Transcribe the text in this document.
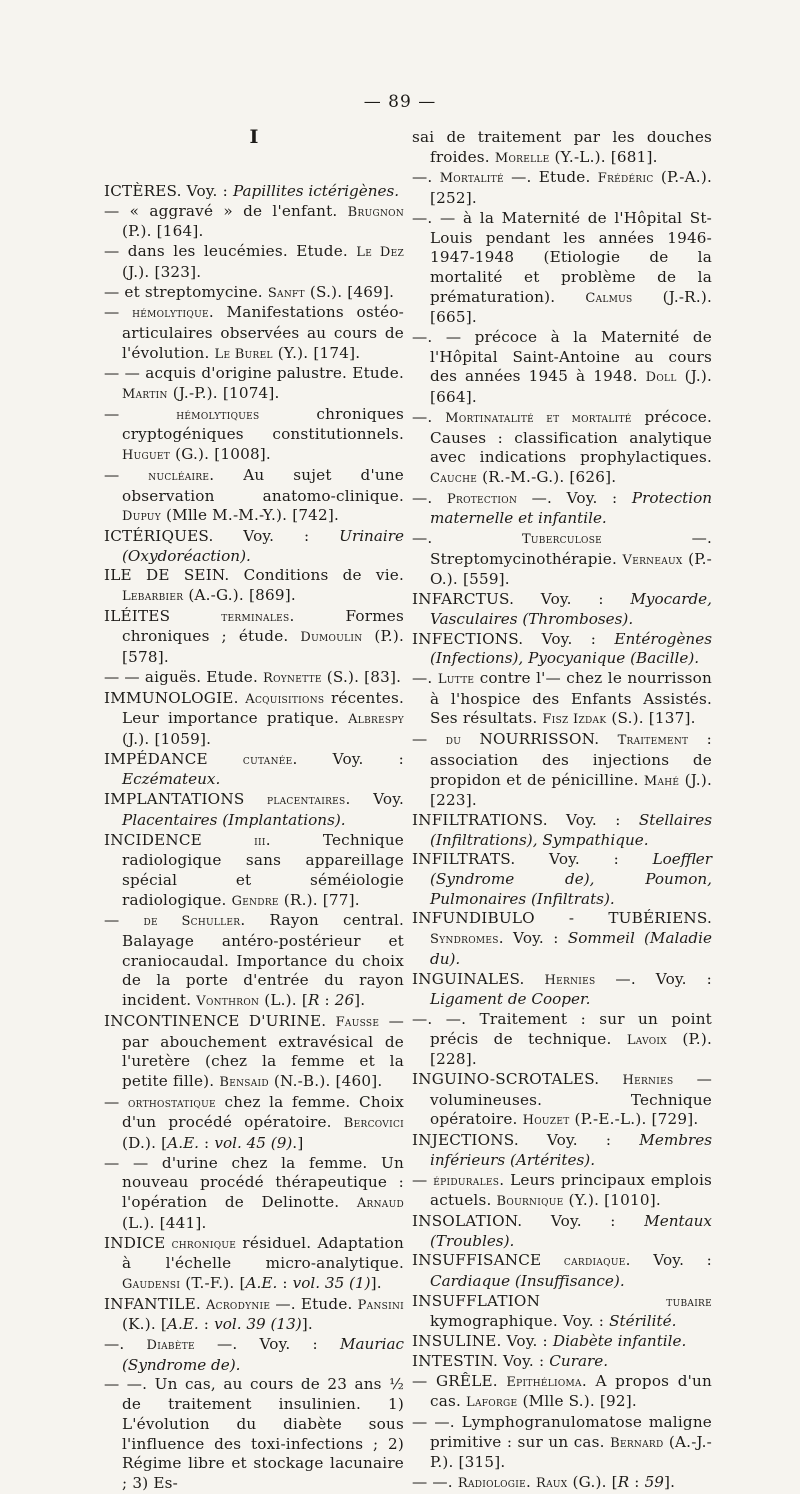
— 89 —
I

ICTÈRES. Voy. : Papillites ictérigènes.

— « aggravé » de l'enfant. Brugnon (P.). [164].

— dans les leucémies. Etude. Le Dez (J.). [323].

— et streptomycine. Sanft (S.). [469].

— hémolytique. Manifestations ostéo-articulaires observées au cours de l'évolution. Le Burel (Y.). [174].

— — acquis d'origine palustre. Etude. Martin (J.-P.). [1074].

— hémolytiques chroniques cryptogéniques constitutionnels. Huguet (G.). [1008].

— nucléaire. Au sujet d'une observation anatomo-clinique. Dupuy (Mlle M.-M.-Y.). [742].

ICTÉRIQUES. Voy. : Urinaire (Oxydoréaction).

ILE DE SEIN. Conditions de vie. Lebarbier (A.-G.). [869].

ILÉITES terminales. Formes chroniques ; étude. Dumoulin (P.). [578].

— — aiguës. Etude. Roynette (S.). [83].

IMMUNOLOGIE. Acquisitions récentes. Leur importance pratique. Albrespy (J.). [1059].

IMPÉDANCE cutanée. Voy. : Eczémateux.

IMPLANTATIONS placentaires. Voy. Placentaires (Implantations).

INCIDENCE iii. Technique radiologique sans appareillage spécial et séméiologie radiologique. Gendre (R.). [77].

— de Schuller. Rayon central. Balayage antéro-postérieur et craniocaudal. Importance du choix de la porte d'entrée du rayon incident. Vonthron (L.). [R : 26].

INCONTINENCE D'URINE. Fausse — par abouchement extravésical de l'uretère (chez la femme et la petite fille). Bensaid (N.-B.). [460].

— orthostatique chez la femme. Choix d'un procédé opératoire. Bercovici (D.). [A.E. : vol. 45 (9).]

— — d'urine chez la femme. Un nouveau procédé thérapeutique : l'opération de Delinotte. Arnaud (L.). [441].

INDICE chronique résiduel. Adaptation à l'échelle micro-analytique. Gaudensi (T.-F.). [A.E. : vol. 35 (1)].

INFANTILE. Acrodynie —. Etude. Pansini (K.). [A.E. : vol. 39 (13)].

—. Diabète —. Voy. : Mauriac (Syndrome de).

— —. Un cas, au cours de 23 ans ½ de traitement insulinien. 1) L'évolution du diabète sous l'influence des toxi-infections ; 2) Régime libre et stockage lacunaire ; 3) Es-

sai de traitement par les douches froides. Morelle (Y.-L.). [681].

—. Mortalité —. Etude. Frédéric (P.-A.). [252].

—. — à la Maternité de l'Hôpital St-Louis pendant les années 1946-1947-1948 (Etiologie de la mortalité et problème de la prématuration). Calmus (J.-R.). [665].

—. — précoce à la Maternité de l'Hôpital Saint-Antoine au cours des années 1945 à 1948. Doll (J.). [664].

—. Mortinatalité et mortalité précoce. Causes : classification analytique avec indications prophylactiques. Cauche (R.-M.-G.). [626].

—. Protection —. Voy. : Protection maternelle et infantile.

—. Tuberculose —. Streptomycinothérapie. Verneaux (P.-O.). [559].

INFARCTUS. Voy. : Myocarde, Vasculaires (Thromboses).

INFECTIONS. Voy. : Entérogènes (Infections), Pyocyanique (Bacille).

—. Lutte contre l'— chez le nourrisson à l'hospice des Enfants Assistés. Ses résultats. Fisz Izdak (S.). [137].

— du NOURRISSON. Traitement : association des injections de propidon et de pénicilline. Mahé (J.). [223].

INFILTRATIONS. Voy. : Stellaires (Infiltrations), Sympathique.

INFILTRATS. Voy. : Loeffler (Syndrome de), Poumon, Pulmonaires (Infiltrats).

INFUNDIBULO - TUBÉRIENS. Syndromes. Voy. : Sommeil (Maladie du).

INGUINALES. Hernies —. Voy. : Ligament de Cooper.

—. —. Traitement : sur un point précis de technique. Lavoix (P.). [228].

INGUINO-SCROTALES. Hernies — volumineuses. Technique opératoire. Houzet (P.-E.-L.). [729].

INJECTIONS. Voy. : Membres inférieurs (Artérites).

— épidurales. Leurs principaux emplois actuels. Bournique (Y.). [1010].

INSOLATION. Voy. : Mentaux (Troubles).

INSUFFISANCE cardiaque. Voy. : Cardiaque (Insuffisance).

INSUFFLATION tubaire kymographique. Voy. : Stérilité.

INSULINE. Voy. : Diabète infantile.

INTESTIN. Voy. : Curare.

— GRÊLE. Epithélioma. A propos d'un cas. Laforge (Mlle S.). [92].

— —. Lymphogranulomatose maligne primitive : sur un cas. Bernard (A.-J.-P.). [315].

— —. Radiologie. Raux (G.). [R : 59].
